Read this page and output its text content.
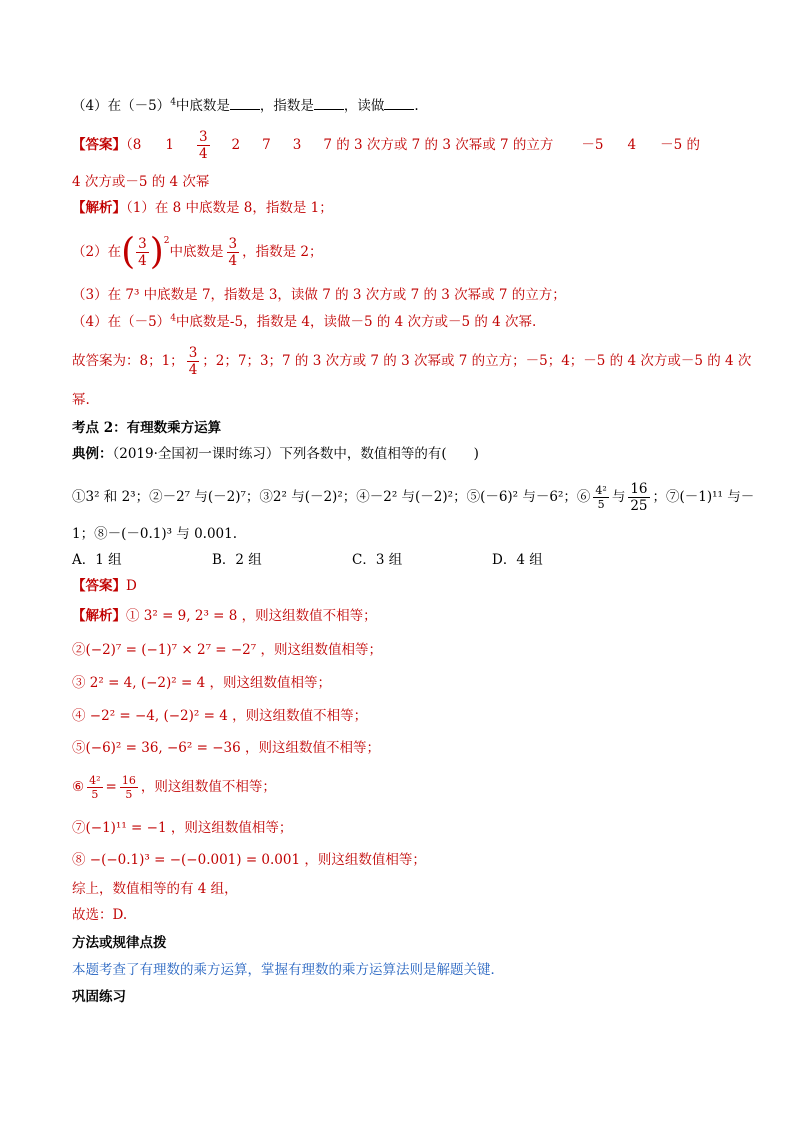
（4）在$(-5)^4$中底数是 ，指数是 ，读做 .
【答案】（8 $1 \frac{3}{4} 2$ 7 3 7 的 3 次方或 7 的 3 次幂或 7 的立方 －5 4 －5 的
4 次方或－5 的 4 次幂
【解析】（1）在 8 中底数是 8，指数是 1；
（2）在( $\frac{3}{4} )^2$中底数是 $\frac{3}{4}$ ，指数是 2；
（3）在 7³ 中底数是 7，指数是 3，读做 7 的 3 次方或 7 的 3 次幂或 7 的立方；
（4）在$(-5)^4$中底数是-5，指数是 4，读做－5 的 4 次方或－5 的 4 次幂.
故答案为：8；1； $\frac{3}{4}$ ；2；7；3；7 的 3 次方或 7 的 3 次幂或 7 的立方；－5；4；－5 的 4 次方或－5 的 4 次
幂.
考点 2：有理数乘方运算
典例：（2019·全国初一课时练习）下列各数中，数值相等的有(　　)
①3² 和 2³；②－2⁷ 与(－2)⁷；③2² 与(－2)²；④－2² 与(－2)²；⑤(－6)² 与－6²；⑥ $\frac{\text{4²}}{5}$ 与 $\frac{16}{25}$ ；⑦(－1)¹¹ 与－
1；⑧－(－0.1)³ 与 0.001.
A．1 组	B．2 组	C．3 组	D．4 组
【答案】D
【解析】① 3² = 9, 2³ = 8 ，则这组数值不相等；
②(−2)⁷ = (−1)⁷ × 2⁷ = −2⁷ ，则这组数值相等；
③ 2² = 4, (−2)² = 4 ，则这组数值相等；
④ −2² = −4, (−2)² = 4 ，则这组数值不相等；
⑤(−6)² = 36, −6² = −36 ，则这组数值不相等；
⑥ $\frac{\text{4²}}{5} = \frac{16}{5}$ ，则这组数值不相等；
⑦(−1)¹¹ = −1 ，则这组数值相等；
⑧ −(−0.1)³ = −(−0.001) = 0.001 ，则这组数值相等；
综上，数值相等的有 4 组，
故选：D.
方法或规律点拨
本题考查了有理数的乘方运算，掌握有理数的乘方运算法则是解题关键．
巩固练习
